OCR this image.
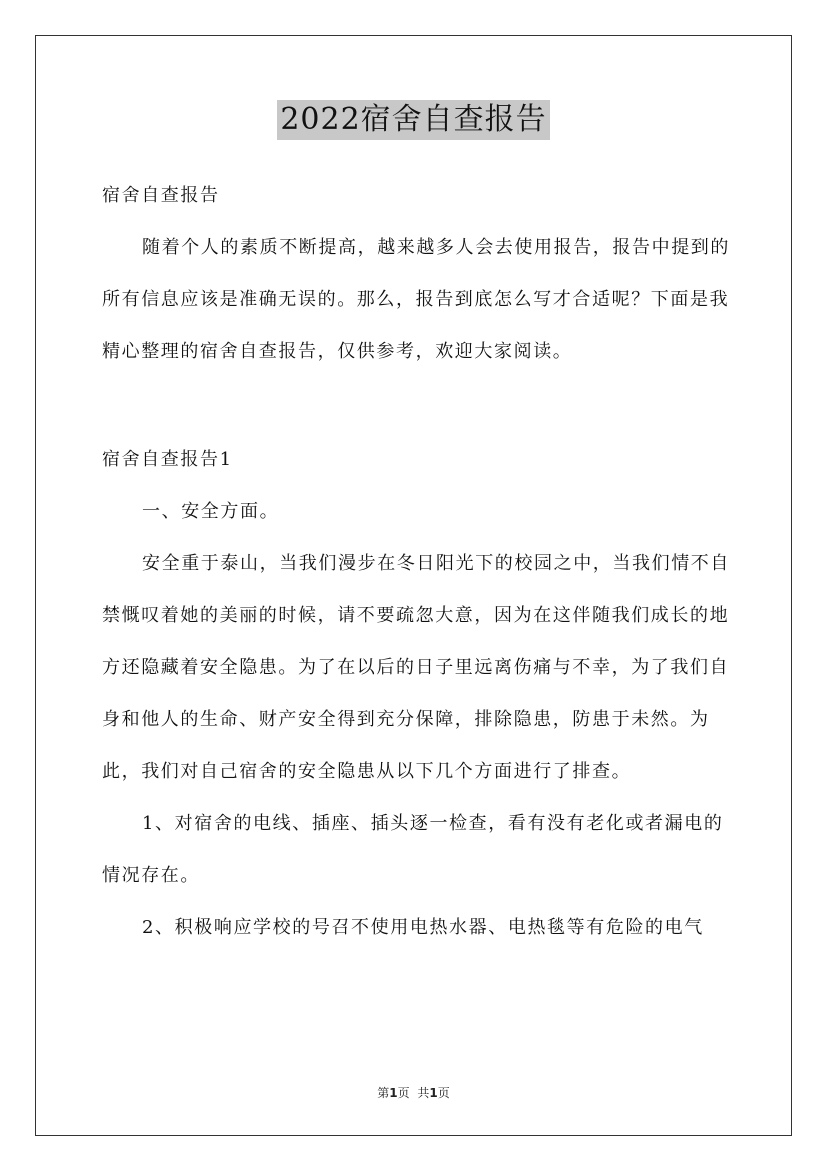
2022宿舍自查报告

宿舍自查报告

随着个人的素质不断提高，越来越多人会去使用报告，报告中提到的所有信息应该是准确无误的。那么，报告到底怎么写才合适呢？下面是我精心整理的宿舍自查报告，仅供参考，欢迎大家阅读。

宿舍自查报告1

一、安全方面。

安全重于泰山，当我们漫步在冬日阳光下的校园之中，当我们情不自禁慨叹着她的美丽的时候，请不要疏忽大意，因为在这伴随我们成长的地方还隐藏着安全隐患。为了在以后的日子里远离伤痛与不幸，为了我们自身和他人的生命、财产安全得到充分保障，排除隐患，防患于未然。为此，我们对自己宿舍的安全隐患从以下几个方面进行了排查。

1、对宿舍的电线、插座、插头逐一检查，看有没有老化或者漏电的情况存在。

2、积极响应学校的号召不使用电热水器、电热毯等有危险的电气

第1页 共1页
